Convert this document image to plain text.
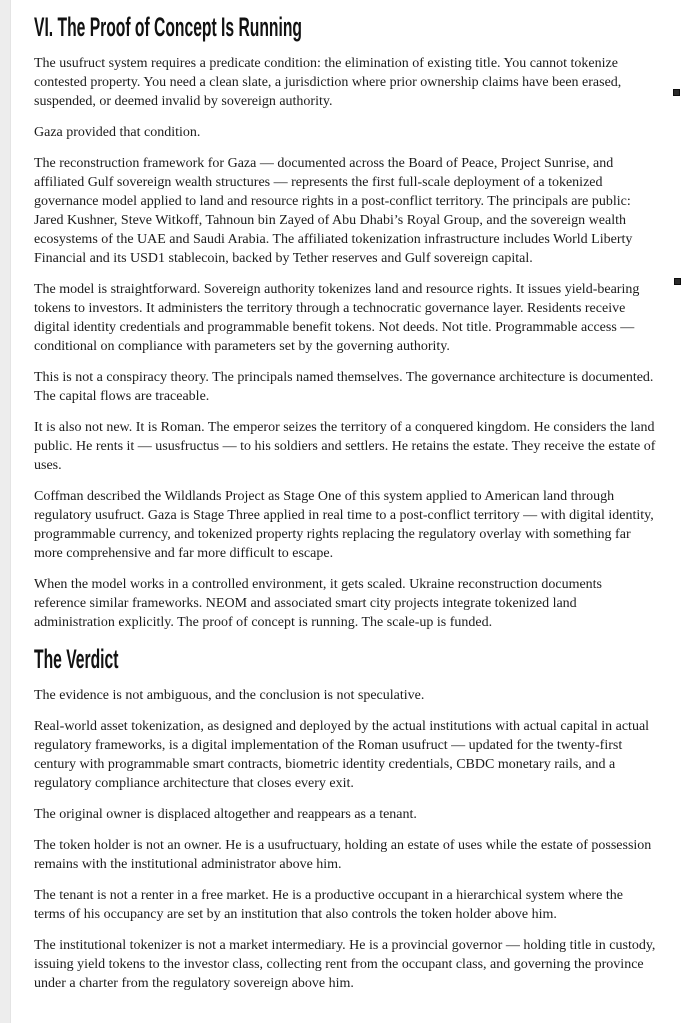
VI. The Proof of Concept Is Running

The usufruct system requires a predicate condition: the elimination of existing title. You cannot tokenize contested property. You need a clean slate, a jurisdiction where prior ownership claims have been erased, suspended, or deemed invalid by sovereign authority.

Gaza provided that condition.

The reconstruction framework for Gaza — documented across the Board of Peace, Project Sunrise, and affiliated Gulf sovereign wealth structures — represents the first full-scale deployment of a tokenized governance model applied to land and resource rights in a post-conflict territory. The principals are public: Jared Kushner, Steve Witkoff, Tahnoun bin Zayed of Abu Dhabi’s Royal Group, and the sovereign wealth ecosystems of the UAE and Saudi Arabia. The affiliated tokenization infrastructure includes World Liberty Financial and its USD1 stablecoin, backed by Tether reserves and Gulf sovereign capital.

The model is straightforward. Sovereign authority tokenizes land and resource rights. It issues yield-bearing tokens to investors. It administers the territory through a technocratic governance layer. Residents receive digital identity credentials and programmable benefit tokens. Not deeds. Not title. Programmable access — conditional on compliance with parameters set by the governing authority.

This is not a conspiracy theory. The principals named themselves. The governance architecture is documented. The capital flows are traceable.

It is also not new. It is Roman. The emperor seizes the territory of a conquered kingdom. He considers the land public. He rents it — ususfructus — to his soldiers and settlers. He retains the estate. They receive the estate of uses.

Coffman described the Wildlands Project as Stage One of this system applied to American land through regulatory usufruct. Gaza is Stage Three applied in real time to a post-conflict territory — with digital identity, programmable currency, and tokenized property rights replacing the regulatory overlay with something far more comprehensive and far more difficult to escape.

When the model works in a controlled environment, it gets scaled. Ukraine reconstruction documents reference similar frameworks. NEOM and associated smart city projects integrate tokenized land administration explicitly. The proof of concept is running. The scale-up is funded.

The Verdict

The evidence is not ambiguous, and the conclusion is not speculative.

Real-world asset tokenization, as designed and deployed by the actual institutions with actual capital in actual regulatory frameworks, is a digital implementation of the Roman usufruct — updated for the twenty-first century with programmable smart contracts, biometric identity credentials, CBDC monetary rails, and a regulatory compliance architecture that closes every exit.

The original owner is displaced altogether and reappears as a tenant.

The token holder is not an owner. He is a usufructuary, holding an estate of uses while the estate of possession remains with the institutional administrator above him.

The tenant is not a renter in a free market. He is a productive occupant in a hierarchical system where the terms of his occupancy are set by an institution that also controls the token holder above him.

The institutional tokenizer is not a market intermediary. He is a provincial governor — holding title in custody, issuing yield tokens to the investor class, collecting rent from the occupant class, and governing the province under a charter from the regulatory sovereign above him.
